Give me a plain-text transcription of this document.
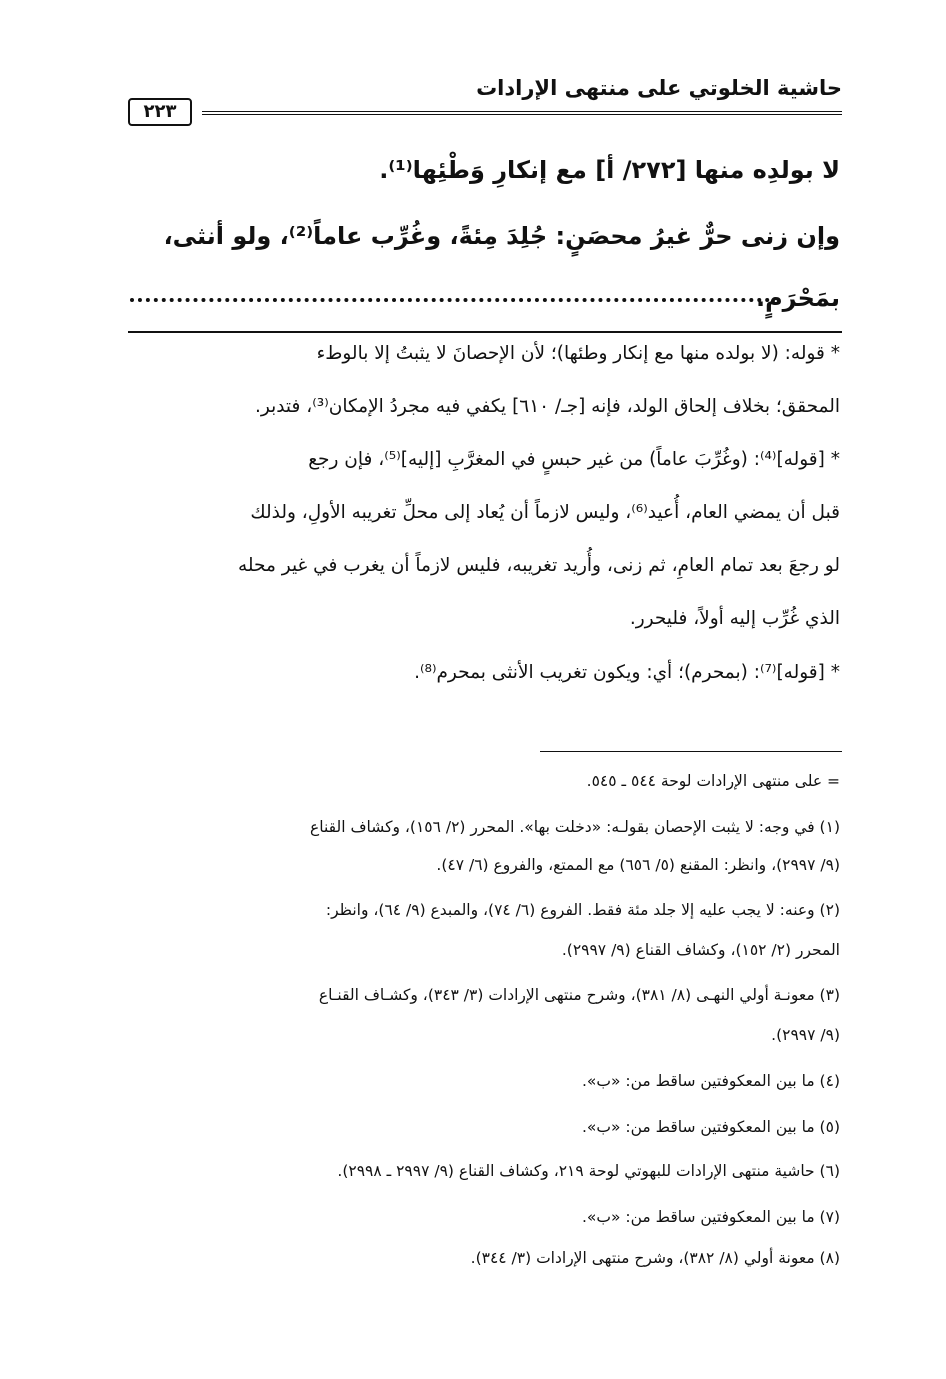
حاشية الخلوتي على منتهى الإرادات
٢٢٣
لا بولدِه منها [٢٧٢/ أ] مع إنكارِ وَطْئِها⁽¹⁾.
وإن زنى حرٌّ غيرُ محصَنٍ: جُلِدَ مِئةً، وغُرِّب عاماً⁽²⁾، ولو أنثى،
بمَحْرَمٍ.
* قوله: (لا بولده منها مع إنكار وطئها)؛ لأن الإحصانَ لا يثبتُ إلا بالوطء
المحقق؛ بخلاف إلحاق الولد، فإنه [جـ/ ٦١٠] يكفي فيه مجردُ الإمكان⁽³⁾، فتدبر.
* [قوله]⁽⁴⁾: (وغُرِّبَ عاماً) من غير حبسٍ في المغرَّبِ [إليه]⁽⁵⁾، فإن رجع
قبل أن يمضي العام، أُعيد⁽⁶⁾، وليس لازماً أن يُعاد إلى محلِّ تغريبه الأولِ، ولذلك
لو رجعَ بعد تمام العامِ، ثم زنى، وأُريد تغريبه، فليس لازماً أن يغرب في غير محله
الذي غُرِّب إليه أولاً، فليحرر.
* [قوله]⁽⁷⁾: (بمحرم)؛ أي: ويكون تغريب الأنثى بمحرم⁽⁸⁾.
= على منتهى الإرادات لوحة ٥٤٤ ـ ٥٤٥.
(١) في وجه: لا يثبت الإحصان بقولـه: «دخلت بها». المحرر (٢/ ١٥٦)، وكشاف القناع
(٩/ ٢٩٩٧)، وانظر: المقنع (٥/ ٦٥٦) مع الممتع، والفروع (٦/ ٤٧).
(٢) وعنه: لا يجب عليه إلا جلد مئة فقط. الفروع (٦/ ٧٤)، والمبدع (٩/ ٦٤)، وانظر:
المحرر (٢/ ١٥٢)، وكشاف القناع (٩/ ٢٩٩٧).
(٣) معونـة أولي النهـى (٨/ ٣٨١)، وشرح منتهى الإرادات (٣/ ٣٤٣)، وكشـاف القنـاع
(٩/ ٢٩٩٧).
(٤) ما بين المعكوفتين ساقط من: «ب».
(٥) ما بين المعكوفتين ساقط من: «ب».
(٦) حاشية منتهى الإرادات للبهوتي لوحة ٢١٩، وكشاف القناع (٩/ ٢٩٩٧ ـ ٢٩٩٨).
(٧) ما بين المعكوفتين ساقط من: «ب».
(٨) معونة أولي (٨/ ٣٨٢)، وشرح منتهى الإرادات (٣/ ٣٤٤).
